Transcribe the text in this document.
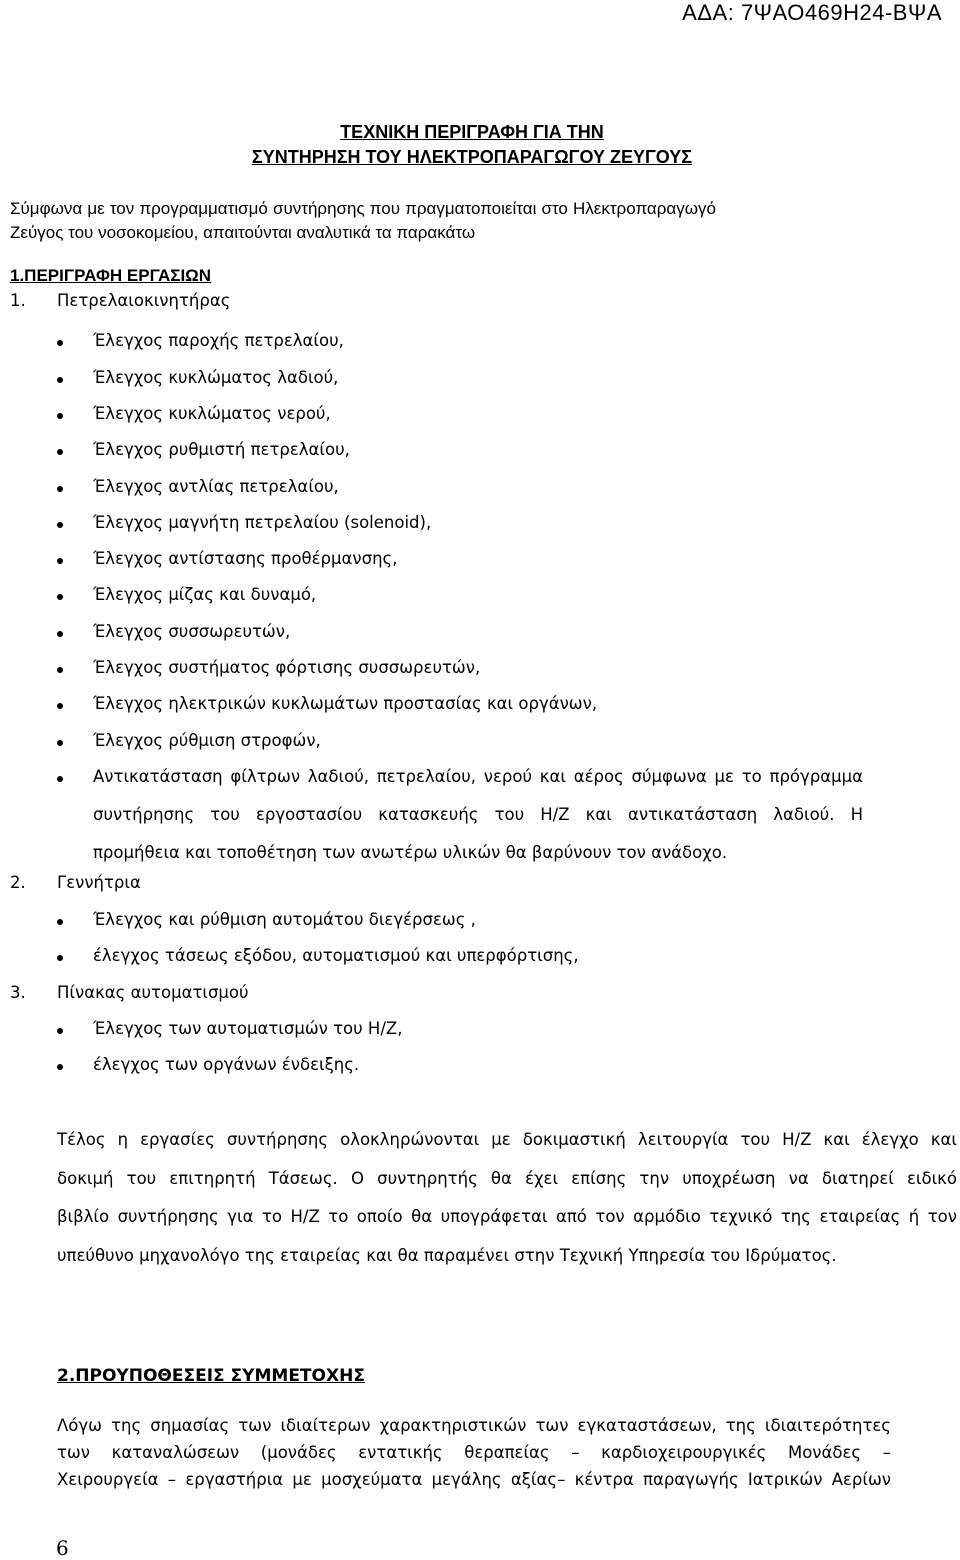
ΑΔΑ: 7ΨΑΟ469Η24-ΒΨΑ
ΤΕΧΝΙΚΗ ΠΕΡΙΓΡΑΦΗ ΓΙΑ ΤΗΝ
ΣΥΝΤΗΡΗΣΗ ΤΟΥ ΗΛΕΚΤΡΟΠΑΡΑΓΩΓΟΥ ΖΕΥΓΟΥΣ
Σύμφωνα με τον προγραμματισμό συντήρησης που πραγματοποιείται στο Ηλεκτροπαραγωγό
Ζεύγος του νοσοκομείου, απαιτούνται αναλυτικά τα παρακάτω
1.ΠΕΡΙΓΡΑΦΗ ΕΡΓΑΣΙΩΝ
1. Πετρελαιοκινητήρας
Έλεγχος παροχής πετρελαίου,
Έλεγχος κυκλώματος λαδιού,
Έλεγχος κυκλώματος νερού,
Έλεγχος ρυθμιστή πετρελαίου,
Έλεγχος αντλίας πετρελαίου,
Έλεγχος μαγνήτη πετρελαίου (solenoid),
Έλεγχος αντίστασης προθέρμανσης,
Έλεγχος μίζας και δυναμό,
Έλεγχος συσσωρευτών,
Έλεγχος συστήματος φόρτισης συσσωρευτών,
Έλεγχος ηλεκτρικών κυκλωμάτων προστασίας και οργάνων,
Έλεγχος ρύθμιση στροφών,
Αντικατάσταση φίλτρων λαδιού, πετρελαίου, νερού και αέρος σύμφωνα με το πρόγραμμα
συντήρησης του εργοστασίου κατασκευής του Η/Ζ και αντικατάσταση λαδιού. Η
προμήθεια και τοποθέτηση των ανωτέρω υλικών θα βαρύνουν τον ανάδοχο.
2. Γεννήτρια
Έλεγχος και ρύθμιση αυτομάτου διεγέρσεως ,
έλεγχος τάσεως εξόδου, αυτοματισμού και υπερφόρτισης,
3. Πίνακας αυτοματισμού
Έλεγχος των αυτοματισμών του Η/Ζ,
έλεγχος των οργάνων ένδειξης.
Τέλος η εργασίες συντήρησης ολοκληρώνονται με δοκιμαστική λειτουργία του Η/Ζ και έλεγχο και
δοκιμή του επιτηρητή Τάσεως. Ο συντηρητής θα έχει επίσης την υποχρέωση να διατηρεί ειδικό
βιβλίο συντήρησης για το Η/Ζ το οποίο θα υπογράφεται από τον αρμόδιο τεχνικό της εταιρείας ή τον
υπεύθυνο μηχανολόγο της εταιρείας και θα παραμένει στην Τεχνική Υπηρεσία του Ιδρύματος.
2.ΠΡΟΥΠΟΘΕΣΕΙΣ ΣΥΜΜΕΤΟΧΗΣ
Λόγω της σημασίας των ιδιαίτερων χαρακτηριστικών των εγκαταστάσεων, της ιδιαιτερότητες
των καταναλώσεων (μονάδες εντατικής θεραπείας – καρδιοχειρουργικές Μονάδες –
Χειρουργεία – εργαστήρια με μοσχεύματα μεγάλης αξίας– κέντρα παραγωγής Ιατρικών Αερίων
6
